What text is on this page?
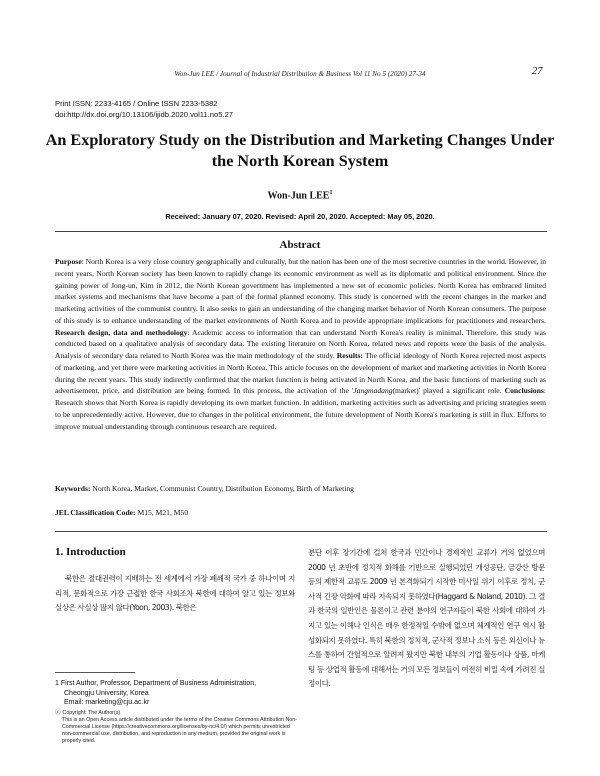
Won-Jun LEE / Journal of Industrial Distribution & Business Vol 11 No 5 (2020) 27-34	27
Print ISSN: 2233-4165 / Online ISSN 2233-5382
doi:http://dx.doi.org/10.13106/ijidb.2020.vol11.no5.27
An Exploratory Study on the Distribution and Marketing Changes Under
the North Korean System
Won-Jun LEE$^1$
Received: January 07, 2020. Revised: April 20, 2020. Accepted: May 05, 2020.
Abstract
Purpose: North Korea is a very close country geographically and culturally, but the nation has been one of the most secretive countries in the world. However, in recent years, North Korean society has been known to rapidly change its economic environment as well as its diplomatic and political environment. Since the gaining power of Jong-un, Kim in 2012, the North Korean government has implemented a new set of economic policies. North Korea has embraced limited market systems and mechanisms that have become a part of the formal planned economy. This study is concerned with the recent changes in the market and marketing activities of the communist country. It also seeks to gain an understanding of the changing market behavior of North Korean consumers. The purpose of this study is to enhance understanding of the market environments of North Korea and to provide appropriate implications for practitioners and researchers. Research design, data and methodology: Academic access to information that can understand North Korea's reality is minimal. Therefore, this study was conducted based on a qualitative analysis of secondary data. The existing literature on North Korea, related news and reports were the basis of the analysis. Analysis of secondary data related to North Korea was the main methodology of the study. Results: The official ideology of North Korea rejected most aspects of marketing, and yet there were marketing activities in North Korea. This article focuses on the development of market and marketing activities in North Korea during the recent years. This study indirectly confirmed that the market function is being activated in North Korea, and the basic functions of marketing such as advertisement, price, and distribution are being formed. In this process, the activation of the 'Jangmadang(market)' played a significant role. Conclusions: Research shows that North Korea is rapidly developing its own market function. In addition, marketing activities such as advertising and pricing strategies seem to be unprecedentedly active. However, due to changes in the political environment, the future development of North Korea's marketing is still in flux. Efforts to improve mutual understanding through continuous research are required.
Keywords: North Korea, Market, Communist Country, Distribution Economy, Birth of Marketing
JEL Classification Code: M15, M21, M50
1. Introduction
북한은 절대권력이 지배하는 전 세계에서 가장 폐쇄적 국가 중 하나이며 지리적, 문화적으로 가장 근접한 한국 사회조차 북한에 대하여 알고 있는 정보와 실상은 사실상 많지 않다(Yoon, 2003). 북한은
분단 이후 장기간에 걸쳐 한국과 민간이나 경제적인 교류가 거의 없었으며 2000 년 초반에 정치적 화해를 기반으로 실행되었던 개성공단, 금강산 방문 등의 제한적 교류도 2009 년 본격화되기 시작한 미사일 위기 이후로 정치, 군사적 긴장 악화에 따라 지속되지 못하였다(Haggard & Noland, 2010). 그 결과 한국의 일반인은 물론이고 관련 분야의 연구자들이 북한 사회에 대하여 가지고 있는 이해나 인식은 매우 한정적일 수밖에 없으며 체계적인 연구 역시 활성화되지 못하였다. 특히 북한의 정치적, 군사적 정보나 소식 등은 외신이나 뉴스를 통하여 간헐적으로 알려져 왔지만 북한 내부의 기업 활동이나 상품, 마케팅 등 상업적 활동에 대해서는 거의 모든 정보들이 여전히 비밀 속에 가려진 실정이다.
1 First Author, Professor, Department of Business Administration,
Cheongju University, Korea
Email: marketing@cju.ac.kr
ⓒ Copyright: The Author(s)
This is an Open Access article distributed under the terms of the Creative Commons Attribution Non-Commercial License (https://creativecommons.org/licenses/by-nc/4.0/) which permits unrestricted non-commercial use, distribution, and reproduction in any medium, provided the original work is properly cited.
